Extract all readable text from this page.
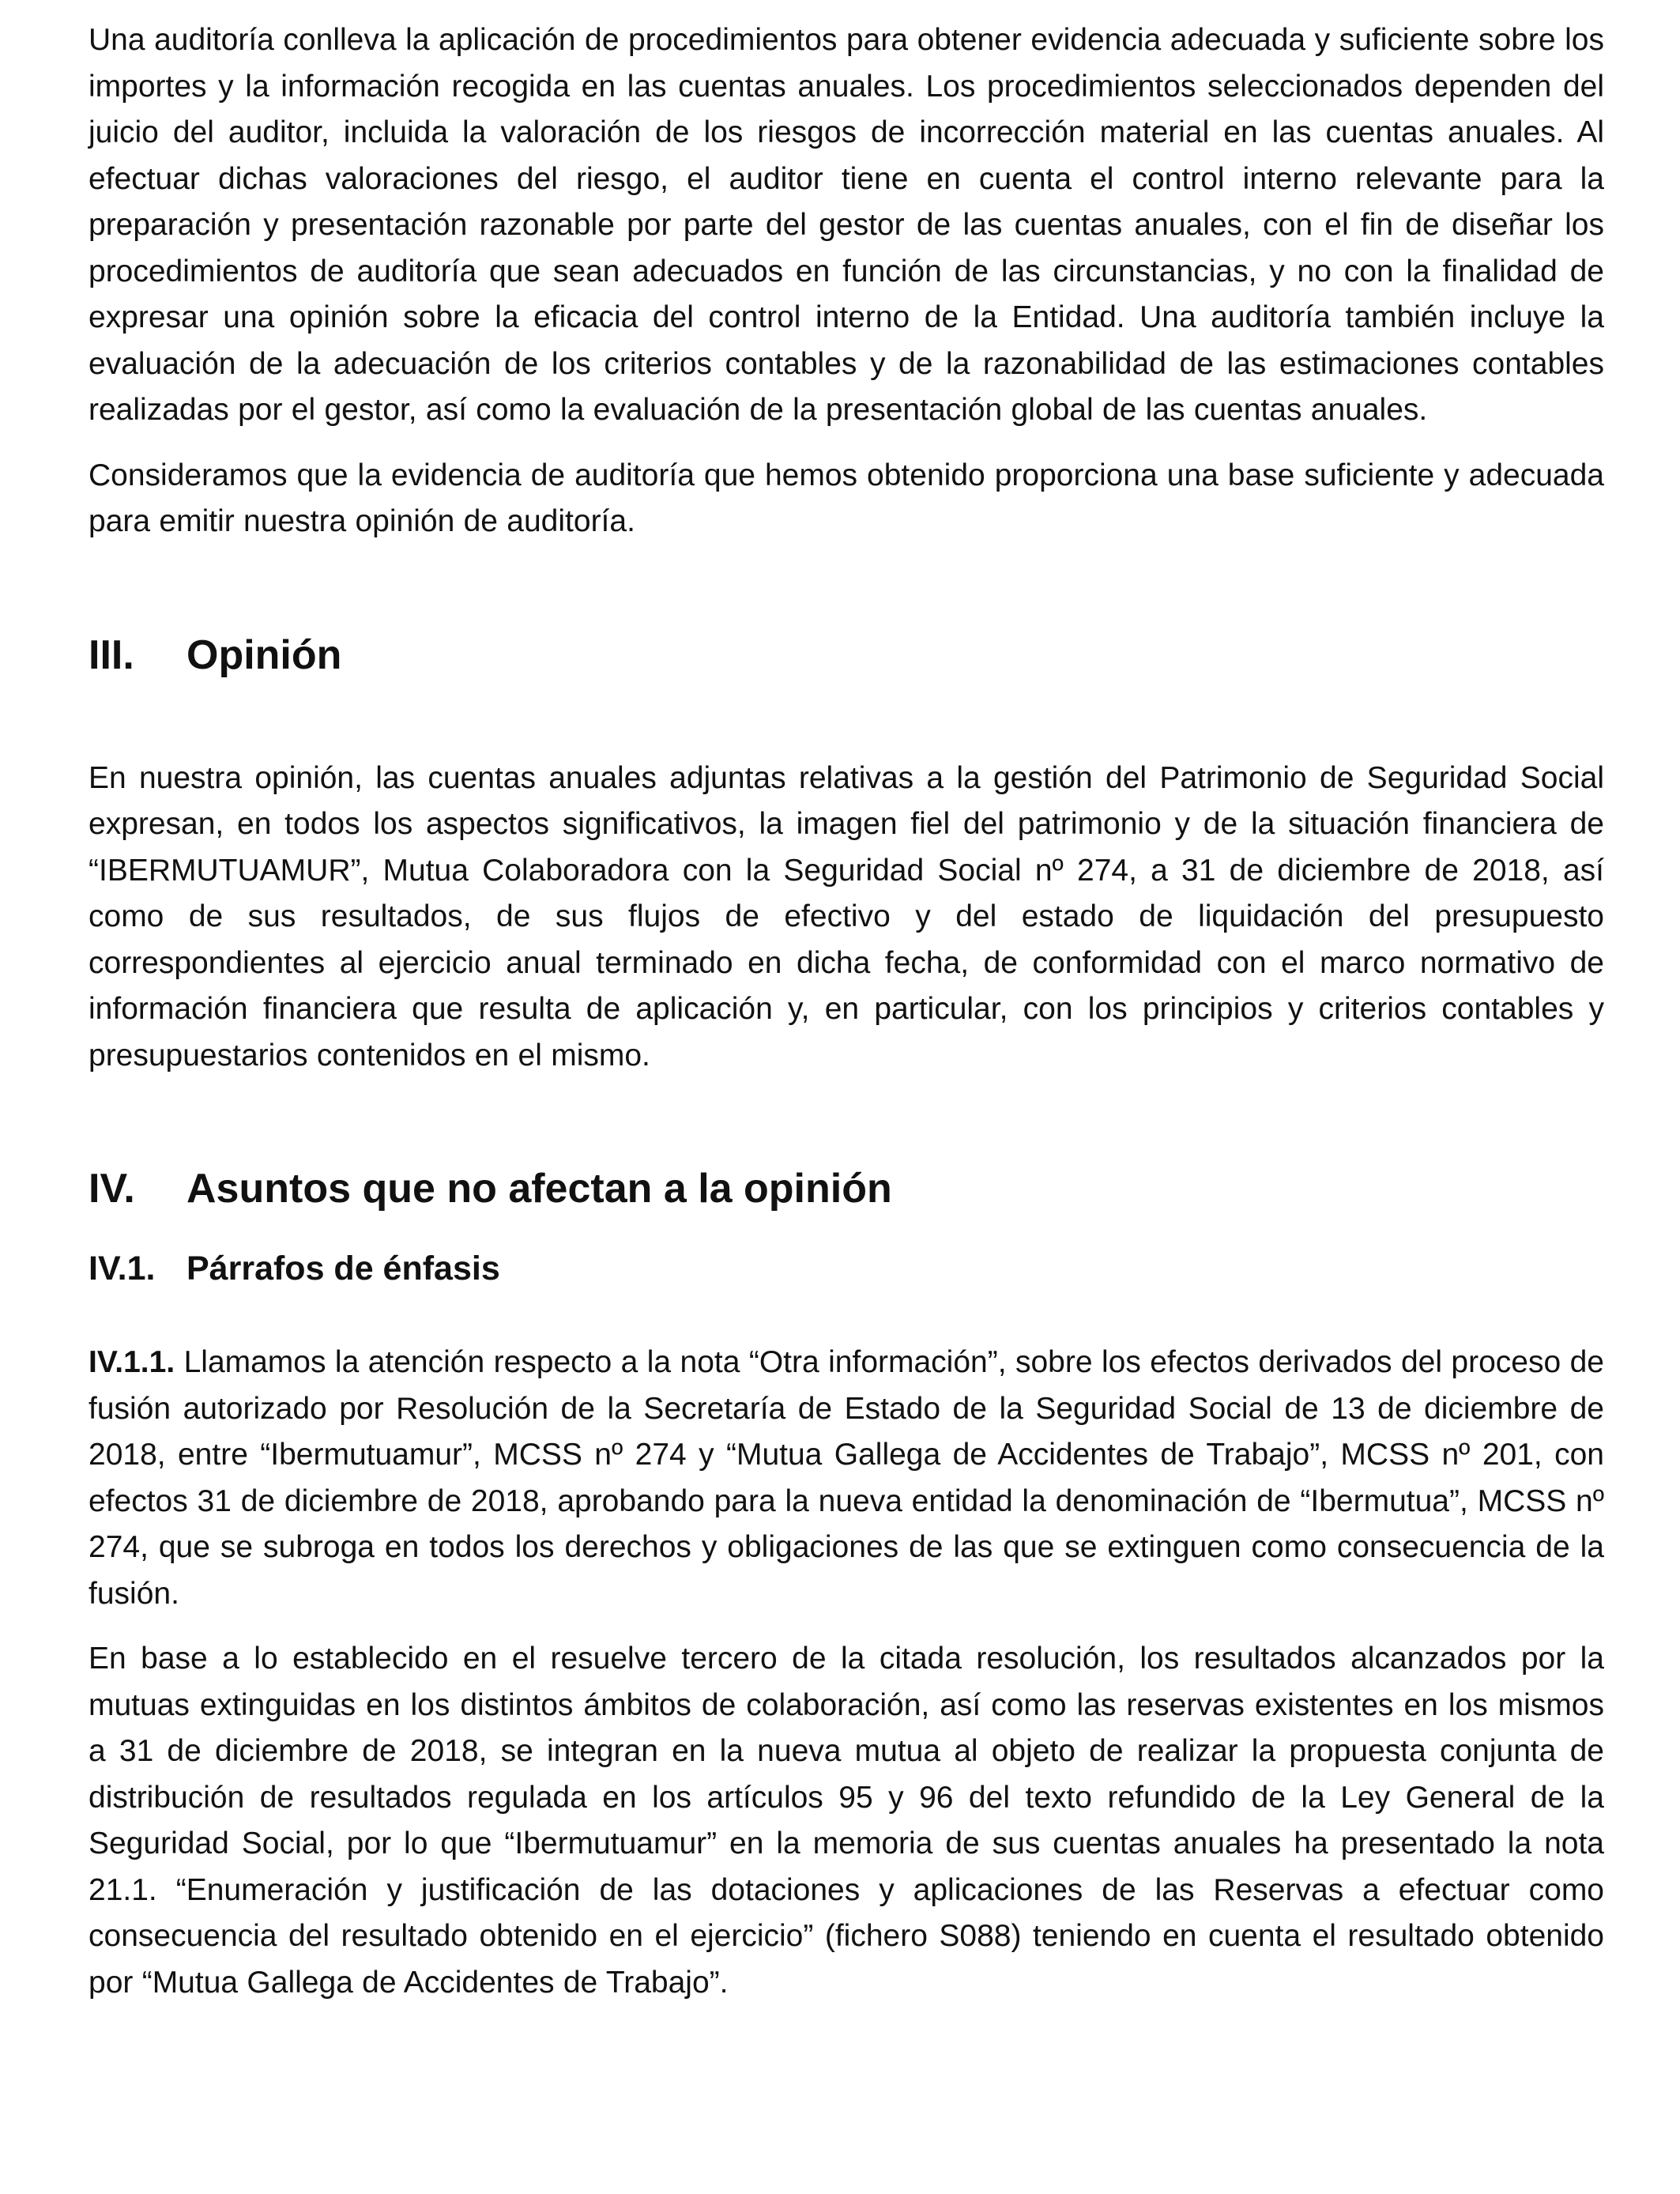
Una auditoría conlleva la aplicación de procedimientos para obtener evidencia adecuada y suficiente sobre los importes y la información recogida en las cuentas anuales. Los procedimientos seleccionados dependen del juicio del auditor, incluida la valoración de los riesgos de incorrección material en las cuentas anuales. Al efectuar dichas valoraciones del riesgo, el auditor tiene en cuenta el control interno relevante para la preparación y presentación razonable por parte del gestor de las cuentas anuales, con el fin de diseñar los procedimientos de auditoría que sean adecuados en función de las circunstancias, y no con la finalidad de expresar una opinión sobre la eficacia del control interno de la Entidad. Una auditoría también incluye la evaluación de la adecuación de los criterios contables y de la razonabilidad de las estimaciones contables realizadas por el gestor, así como la evaluación de la presentación global de las cuentas anuales.

Consideramos que la evidencia de auditoría que hemos obtenido proporciona una base suficiente y adecuada para emitir nuestra opinión de auditoría.

III.	Opinión

En nuestra opinión, las cuentas anuales adjuntas relativas a la gestión del Patrimonio de Seguridad Social expresan, en todos los aspectos significativos, la imagen fiel del patrimonio y de la situación financiera de “IBERMUTUAMUR”, Mutua Colaboradora con la Seguridad Social nº 274, a 31 de diciembre de 2018, así como de sus resultados, de sus flujos de efectivo y del estado de liquidación del presupuesto correspondientes al ejercicio anual terminado en dicha fecha, de conformidad con el marco normativo de información financiera que resulta de aplicación y, en particular, con los principios y criterios contables y presupuestarios contenidos en el mismo.

IV.	Asuntos que no afectan a la opinión
IV.1. Párrafos de énfasis

IV.1.1. Llamamos la atención respecto a la nota “Otra información”, sobre los efectos derivados del proceso de fusión autorizado por Resolución de la Secretaría de Estado de la Seguridad Social de 13 de diciembre de 2018, entre “Ibermutuamur”, MCSS nº 274 y “Mutua Gallega de Accidentes de Trabajo”, MCSS nº 201, con efectos 31 de diciembre de 2018, aprobando para la nueva entidad la denominación de “Ibermutua”, MCSS nº 274, que se subroga en todos los derechos y obligaciones de las que se extinguen como consecuencia de la fusión.

En base a lo establecido en el resuelve tercero de la citada resolución, los resultados alcanzados por la mutuas extinguidas en los distintos ámbitos de colaboración, así como las reservas existentes en los mismos a 31 de diciembre de 2018, se integran en la nueva mutua al objeto de realizar la propuesta conjunta de distribución de resultados regulada en los artículos 95 y 96 del texto refundido de la Ley General de la Seguridad Social, por lo que “Ibermutuamur” en la memoria de sus cuentas anuales ha presentado la nota 21.1. “Enumeración y justificación de las dotaciones y aplicaciones de las Reservas a efectuar como consecuencia del resultado obtenido en el ejercicio” (fichero S088) teniendo en cuenta el resultado obtenido por “Mutua Gallega de Accidentes de Trabajo”.
